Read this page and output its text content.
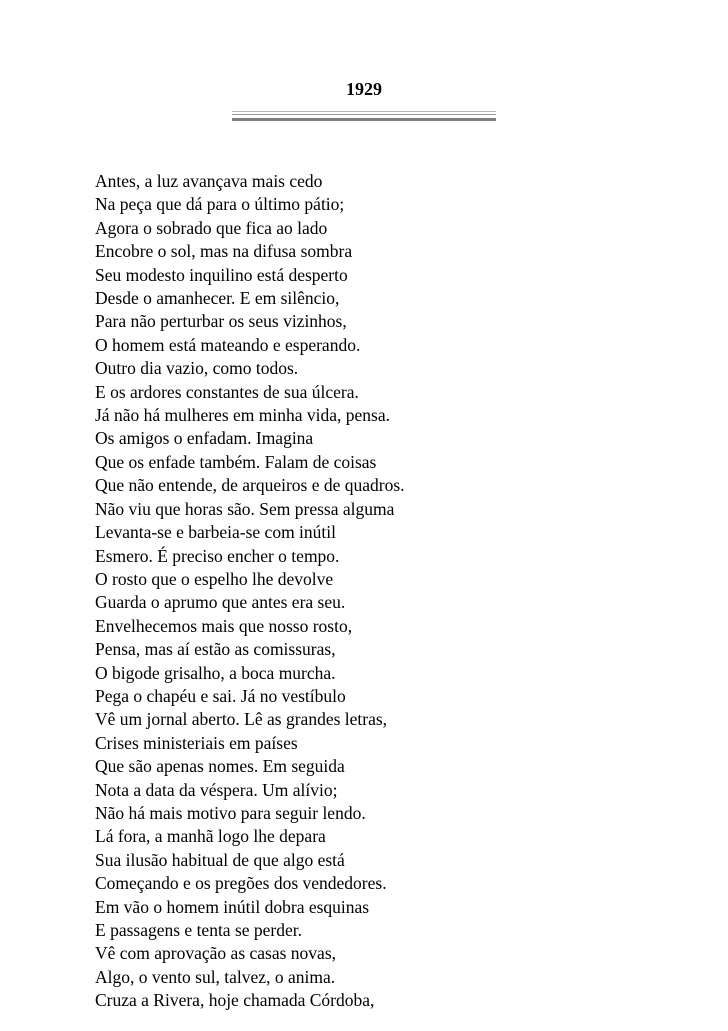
1929
Antes, a luz avançava mais cedo
Na peça que dá para o último pátio;
Agora o sobrado que fica ao lado
Encobre o sol, mas na difusa sombra
Seu modesto inquilino está desperto
Desde o amanhecer. E em silêncio,
Para não perturbar os seus vizinhos,
O homem está mateando e esperando.
Outro dia vazio, como todos.
E os ardores constantes de sua úlcera.
Já não há mulheres em minha vida, pensa.
Os amigos o enfadam. Imagina
Que os enfade também. Falam de coisas
Que não entende, de arqueiros e de quadros.
Não viu que horas são. Sem pressa alguma
Levanta-se e barbeia-se com inútil
Esmero. É preciso encher o tempo.
O rosto que o espelho lhe devolve
Guarda o aprumo que antes era seu.
Envelhecemos mais que nosso rosto,
Pensa, mas aí estão as comissuras,
O bigode grisalho, a boca murcha.
Pega o chapéu e sai. Já no vestíbulo
Vê um jornal aberto. Lê as grandes letras,
Crises ministeriais em países
Que são apenas nomes. Em seguida
Nota a data da véspera. Um alívio;
Não há mais motivo para seguir lendo.
Lá fora, a manhã logo lhe depara
Sua ilusão habitual de que algo está
Começando e os pregões dos vendedores.
Em vão o homem inútil dobra esquinas
E passagens e tenta se perder.
Vê com aprovação as casas novas,
Algo, o vento sul, talvez, o anima.
Cruza a Rivera, hoje chamada Córdoba,
